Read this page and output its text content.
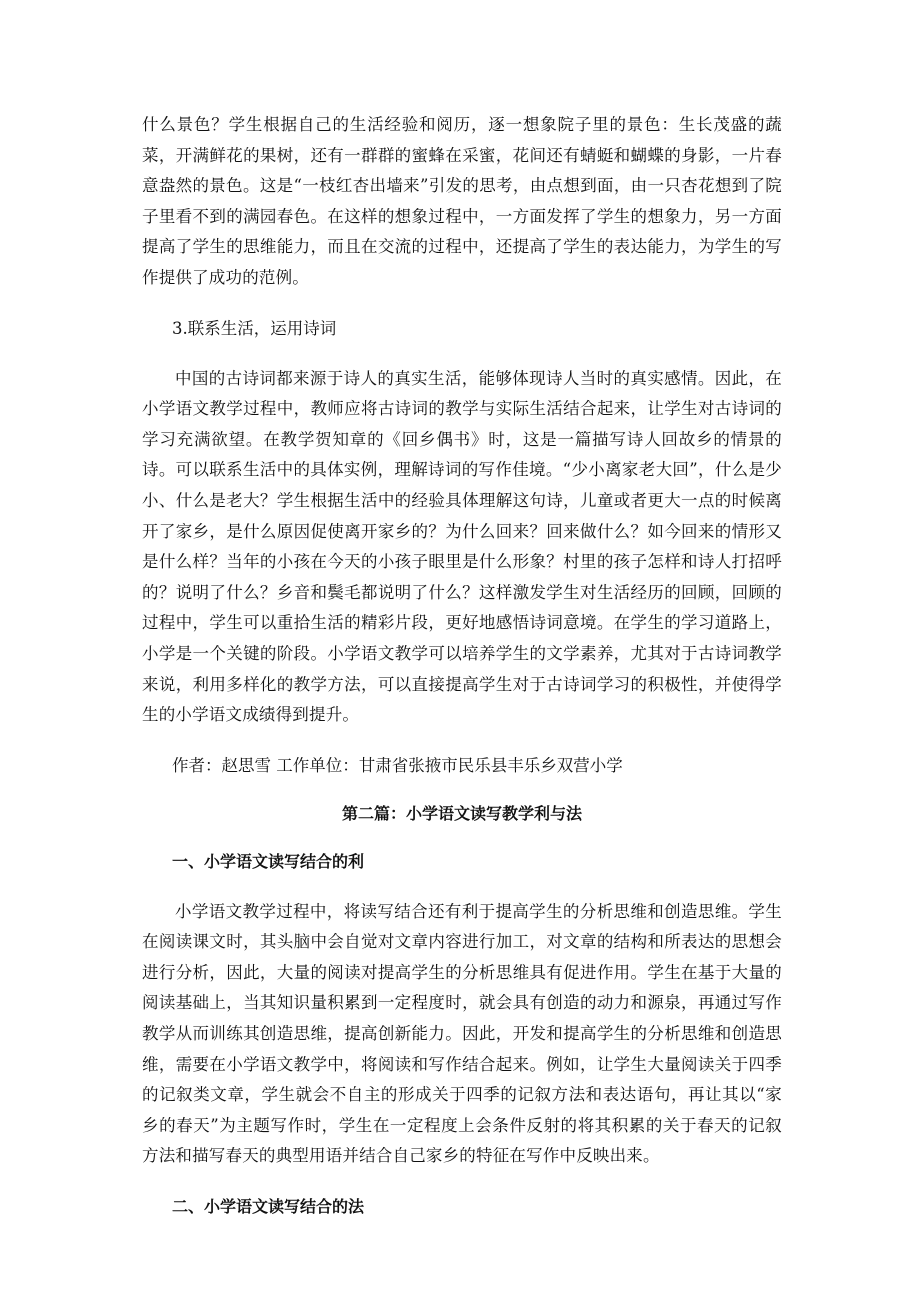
什么景色？学生根据自己的生活经验和阅历，逐一想象院子里的景色：生长茂盛的蔬菜，开满鲜花的果树，还有一群群的蜜蜂在采蜜，花间还有蜻蜓和蝴蝶的身影，一片春意盎然的景色。这是“一枝红杏出墙来”引发的思考，由点想到面，由一只杏花想到了院子里看不到的满园春色。在这样的想象过程中，一方面发挥了学生的想象力，另一方面提高了学生的思维能力，而且在交流的过程中，还提高了学生的表达能力，为学生的写作提供了成功的范例。

3.联系生活，运用诗词

中国的古诗词都来源于诗人的真实生活，能够体现诗人当时的真实感情。因此，在小学语文教学过程中，教师应将古诗词的教学与实际生活结合起来，让学生对古诗词的学习充满欲望。在教学贺知章的《回乡偶书》时，这是一篇描写诗人回故乡的情景的诗。可以联系生活中的具体实例，理解诗词的写作佳境。“少小离家老大回”，什么是少小、什么是老大？学生根据生活中的经验具体理解这句诗，儿童或者更大一点的时候离开了家乡，是什么原因促使离开家乡的？为什么回来？回来做什么？如今回来的情形又是什么样？当年的小孩在今天的小孩子眼里是什么形象？村里的孩子怎样和诗人打招呼的？说明了什么？乡音和鬓毛都说明了什么？这样激发学生对生活经历的回顾，回顾的过程中，学生可以重拾生活的精彩片段，更好地感悟诗词意境。在学生的学习道路上，小学是一个关键的阶段。小学语文教学可以培养学生的文学素养，尤其对于古诗词教学来说，利用多样化的教学方法，可以直接提高学生对于古诗词学习的积极性，并使得学生的小学语文成绩得到提升。

作者：赵思雪 工作单位：甘肃省张掖市民乐县丰乐乡双营小学

第二篇：小学语文读写教学利与法

一、小学语文读写结合的利

小学语文教学过程中，将读写结合还有利于提高学生的分析思维和创造思维。学生在阅读课文时，其头脑中会自觉对文章内容进行加工，对文章的结构和所表达的思想会进行分析，因此，大量的阅读对提高学生的分析思维具有促进作用。学生在基于大量的阅读基础上，当其知识量积累到一定程度时，就会具有创造的动力和源泉，再通过写作教学从而训练其创造思维，提高创新能力。因此，开发和提高学生的分析思维和创造思维，需要在小学语文教学中，将阅读和写作结合起来。例如，让学生大量阅读关于四季的记叙类文章，学生就会不自主的形成关于四季的记叙方法和表达语句，再让其以“家乡的春天”为主题写作时，学生在一定程度上会条件反射的将其积累的关于春天的记叙方法和描写春天的典型用语并结合自己家乡的特征在写作中反映出来。

二、小学语文读写结合的法
